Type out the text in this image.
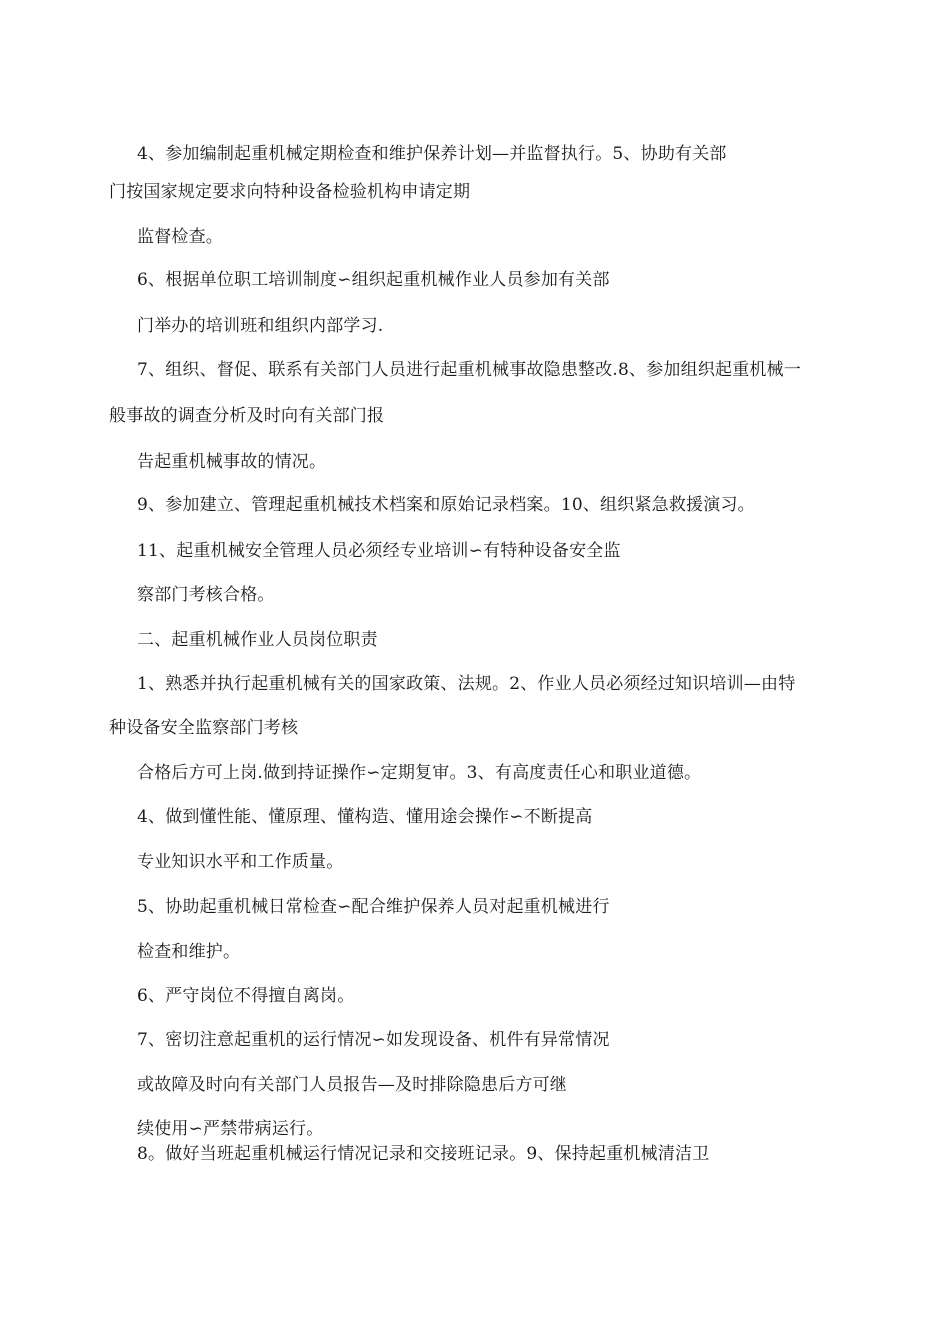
4、参加编制起重机械定期检查和维护保养计划—并监督执行。5、协助有关部
门按国家规定要求向特种设备检验机构申请定期
监督检查。
6、根据单位职工培训制度∽组织起重机械作业人员参加有关部
门举办的培训班和组织内部学习.
7、组织、督促、联系有关部门人员进行起重机械事故隐患整改.8、参加组织起重机械一
般事故的调查分析及时向有关部门报
告起重机械事故的情况。
9、参加建立、管理起重机械技术档案和原始记录档案。10、组织紧急救援演习。
11、起重机械安全管理人员必须经专业培训∽有特种设备安全监
察部门考核合格。
二、起重机械作业人员岗位职责
1、熟悉并执行起重机械有关的国家政策、法规。2、作业人员必须经过知识培训—由特
种设备安全监察部门考核
合格后方可上岗.做到持证操作∽定期复审。3、有高度责任心和职业道德。
4、做到懂性能、懂原理、懂构造、懂用途会操作∽不断提高
专业知识水平和工作质量。
5、协助起重机械日常检查∽配合维护保养人员对起重机械进行
检查和维护。
6、严守岗位不得擅自离岗。
7、密切注意起重机的运行情况∽如发现设备、机件有异常情况
或故障及时向有关部门人员报告—及时排除隐患后方可继
续使用∽严禁带病运行。
8。做好当班起重机械运行情况记录和交接班记录。9、保持起重机械清洁卫
